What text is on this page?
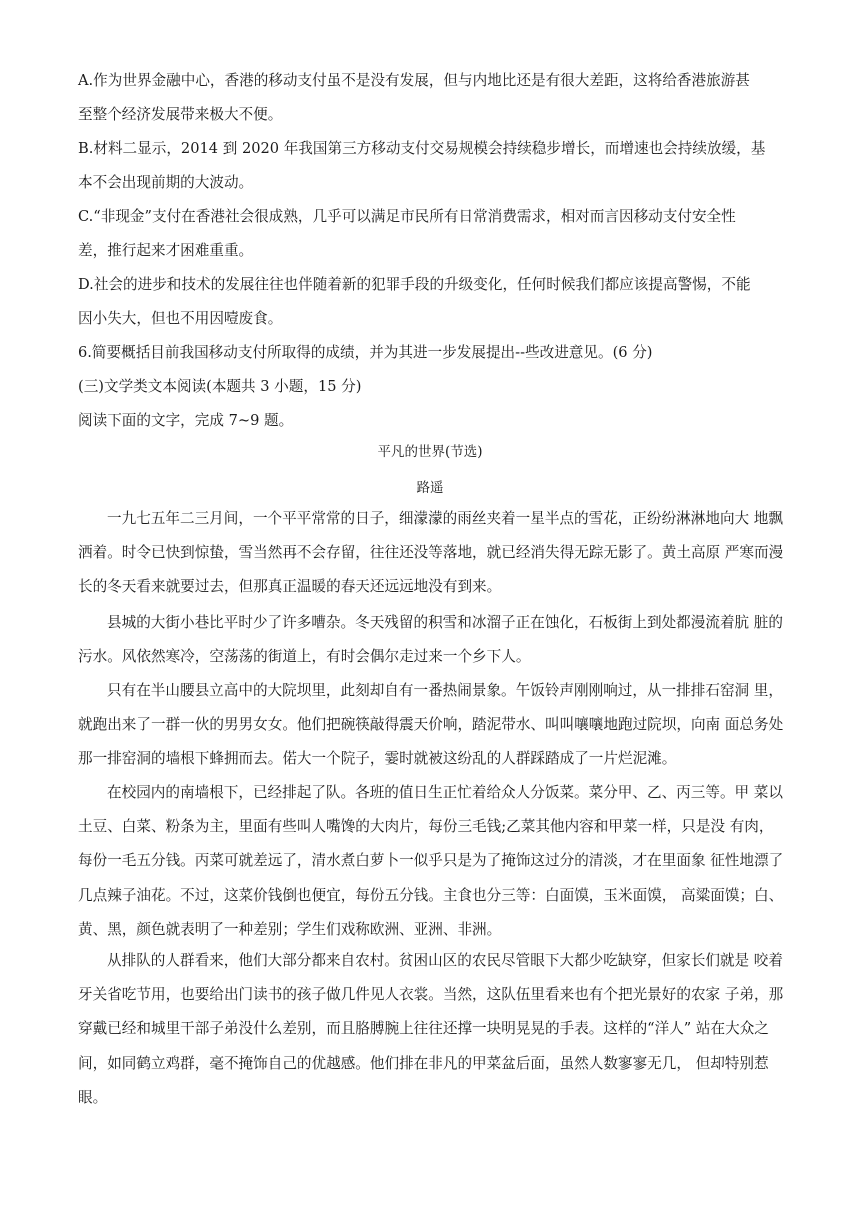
A.作为世界金融中心，香港的移动支付虽不是没有发展，但与内地比还是有很大差距，这将给香港旅游甚
至整个经济发展带来极大不便。
B.材料二显示，2014 到 2020 年我国第三方移动支付交易规模会持续稳步增长，而增速也会持续放缓，基
本不会出现前期的大波动。
C.“非现金”支付在香港社会很成熟，几乎可以满足市民所有日常消费需求，相对而言因移动支付安全性
差，推行起来才困难重重。
D.社会的进步和技术的发展往往也伴随着新的犯罪手段的升级变化，任何时候我们都应该提高警惕，不能
因小失大，但也不用因噎废食。
6.简要概括目前我国移动支付所取得的成绩，并为其进一步发展提出--些改进意见。(6 分)
(三)文学类文本阅读(本题共 3 小题，15 分)
阅读下面的文字，完成 7~9 题。
平凡的世界(节选)
路遥
一九七五年二三月间，一个平平常常的日子，细濛濛的雨丝夹着一星半点的雪花，正纷纷淋淋地向大 地飘洒着。时令已快到惊蛰，雪当然再不会存留，往往还没等落地，就已经消失得无踪无影了。黄土高原 严寒而漫长的冬天看来就要过去，但那真正温暖的春天还远远地没有到来。
县城的大街小巷比平时少了许多嘈杂。冬天残留的积雪和冰溜子正在蚀化，石板街上到处都漫流着肮 脏的污水。风依然寒冷，空荡荡的街道上，有时会偶尔走过来一个乡下人。
只有在半山腰县立高中的大院坝里，此刻却自有一番热闹景象。午饭铃声刚刚响过，从一排排石窑洞 里，就跑出来了一群一伙的男男女女。他们把碗筷敲得震天价响，踏泥带水、叫叫嚷嚷地跑过院坝，向南 面总务处那一排窑洞的墙根下蜂拥而去。偌大一个院子，霎时就被这纷乱的人群踩踏成了一片烂泥滩。
在校园内的南墙根下，已经排起了队。各班的值日生正忙着给众人分饭菜。菜分甲、乙、丙三等。甲 菜以土豆、白菜、粉条为主，里面有些叫人嘴馋的大肉片，每份三毛钱;乙菜其他内容和甲菜一样，只是没 有肉，每份一毛五分钱。丙菜可就差远了，清水煮白萝卜一似乎只是为了掩饰这过分的清淡，才在里面象 征性地漂了几点辣子油花。不过，这菜价钱倒也便宜，每份五分钱。主食也分三等：白面馍，玉米面馍， 高粱面馍；白、黄、黑，颜色就表明了一种差别；学生们戏称欧洲、亚洲、非洲。
从排队的人群看来，他们大部分都来自农村。贫困山区的农民尽管眼下大都少吃缺穿，但家长们就是 咬着牙关省吃节用，也要给出门读书的孩子做几件见人衣裳。当然，这队伍里看来也有个把光景好的农家 子弟，那穿戴已经和城里干部子弟没什么差别，而且胳膊腕上往往还撑一块明晃晃的手表。这样的“洋人” 站在大众之间，如同鹤立鸡群，毫不掩饰自己的优越感。他们排在非凡的甲菜盆后面，虽然人数寥寥无几， 但却特别惹眼。
